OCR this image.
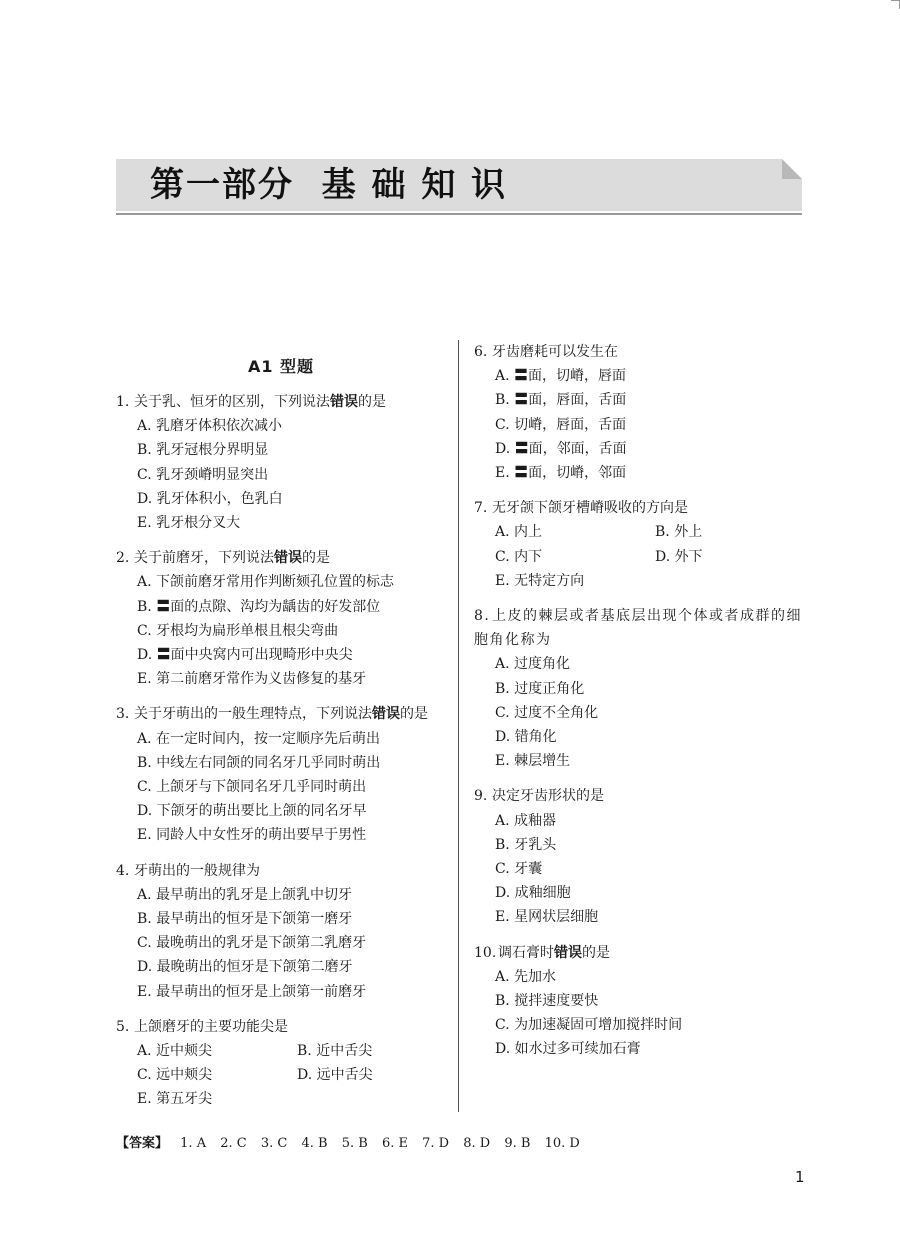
第一部分  基 础 知 识
A1 型题
1. 关于乳、恒牙的区别，下列说法错误的是
A. 乳磨牙体积依次减小
B. 乳牙冠根分界明显
C. 乳牙颈嵴明显突出
D. 乳牙体积小，色乳白
E. 乳牙根分叉大
2. 关于前磨牙，下列说法错误的是
A. 下颌前磨牙常用作判断颏孔位置的标志
B. 〓面的点隙、沟均为龋齿的好发部位
C. 牙根均为扁形单根且根尖弯曲
D. 〓面中央窝内可出现畸形中央尖
E. 第二前磨牙常作为义齿修复的基牙
3. 关于牙萌出的一般生理特点，下列说法错误的是
A. 在一定时间内，按一定顺序先后萌出
B. 中线左右同颌的同名牙几乎同时萌出
C. 上颌牙与下颌同名牙几乎同时萌出
D. 下颌牙的萌出要比上颌的同名牙早
E. 同龄人中女性牙的萌出要早于男性
4. 牙萌出的一般规律为
A. 最早萌出的乳牙是上颌乳中切牙
B. 最早萌出的恒牙是下颌第一磨牙
C. 最晚萌出的乳牙是下颌第二乳磨牙
D. 最晚萌出的恒牙是下颌第二磨牙
E. 最早萌出的恒牙是上颌第一前磨牙
5. 上颌磨牙的主要功能尖是
A. 近中颊尖	B. 近中舌尖
C. 远中颊尖	D. 远中舌尖
E. 第五牙尖
6. 牙齿磨耗可以发生在
A. 〓面，切嵴，唇面
B. 〓面，唇面，舌面
C. 切嵴，唇面，舌面
D. 〓面，邻面，舌面
E. 〓面，切嵴，邻面
7. 无牙颌下颌牙槽嵴吸收的方向是
A. 内上	B. 外上
C. 内下	D. 外下
E. 无特定方向
8. 上皮的棘层或者基底层出现个体或者成群的细胞角化称为
A. 过度角化
B. 过度正角化
C. 过度不全角化
D. 错角化
E. 棘层增生
9. 决定牙齿形状的是
A. 成釉器
B. 牙乳头
C. 牙囊
D. 成釉细胞
E. 星网状层细胞
10. 调石膏时错误的是
A. 先加水
B. 搅拌速度要快
C. 为加速凝固可增加搅拌时间
D. 如水过多可续加石膏
【答案】 1. A 2. C 3. C 4. B 5. B 6. E 7. D 8. D 9. B 10. D
1
